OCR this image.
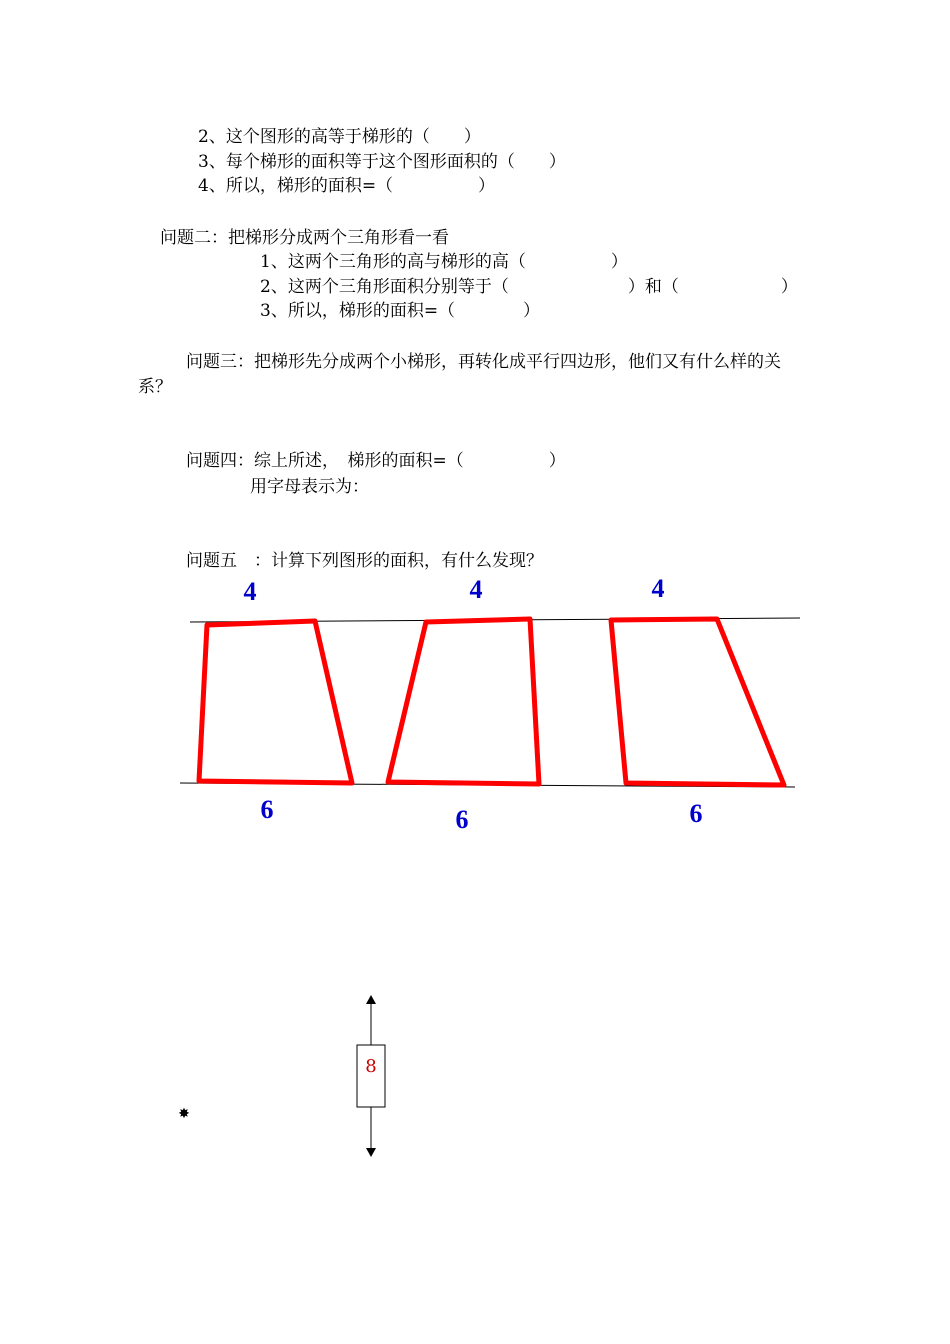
2、这个图形的高等于梯形的（　　）
3、每个梯形的面积等于这个图形面积的（　　）
4、所以，梯形的面积=（　　　　　）
问题二：把梯形分成两个三角形看一看
1、这两个三角形的高与梯形的高（　　　　　）
2、这两个三角形面积分别等于（　　　　　　　）和（　　　　　　）
3、所以，梯形的面积=（　　　　）
问题三：把梯形先分成两个小梯形，再转化成平行四边形，他们又有什么样的关
系？
问题四：综上所述，　梯形的面积=（　　　　　）
用字母表示为：
问题五　：计算下列图形的面积，有什么发现？
4	4	4
6	6	6
8
✸
